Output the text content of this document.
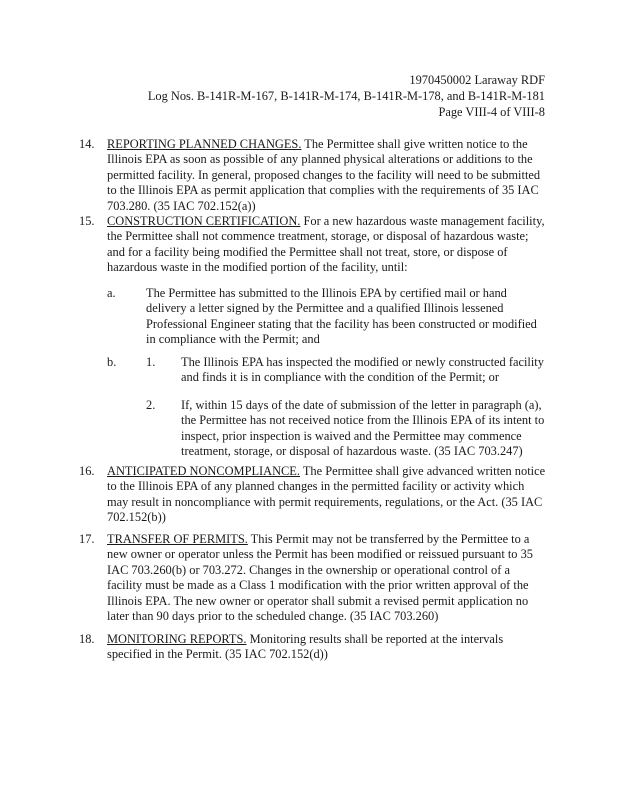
1970450002 Laraway RDF
Log Nos. B-141R-M-167, B-141R-M-174, B-141R-M-178, and B-141R-M-181
Page VIII-4 of VIII-8
14.	REPORTING PLANNED CHANGES. The Permittee shall give written notice to the Illinois EPA as soon as possible of any planned physical alterations or additions to the permitted facility. In general, proposed changes to the facility will need to be submitted to the Illinois EPA as permit application that complies with the requirements of 35 IAC 703.280. (35 IAC 702.152(a))

15.	CONSTRUCTION CERTIFICATION. For a new hazardous waste management facility, the Permittee shall not commence treatment, storage, or disposal of hazardous waste; and for a facility being modified the Permittee shall not treat, store, or dispose of hazardous waste in the modified portion of the facility, until:

a. The Permittee has submitted to the Illinois EPA by certified mail or hand delivery a letter signed by the Permittee and a qualified Illinois lessened Professional Engineer stating that the facility has been constructed or modified in compliance with the Permit; and
b. 1. The Illinois EPA has inspected the modified or newly constructed facility and finds it is in compliance with the condition of the Permit; or
2. If, within 15 days of the date of submission of the letter in paragraph (a), the Permittee has not received notice from the Illinois EPA of its intent to inspect, prior inspection is waived and the Permittee may commence treatment, storage, or disposal of hazardous waste. (35 IAC 703.247)
16.	ANTICIPATED NONCOMPLIANCE. The Permittee shall give advanced written notice to the Illinois EPA of any planned changes in the permitted facility or activity which may result in noncompliance with permit requirements, regulations, or the Act. (35 IAC 702.152(b))

17.	TRANSFER OF PERMITS. This Permit may not be transferred by the Permittee to a new owner or operator unless the Permit has been modified or reissued pursuant to 35 IAC 703.260(b) or 703.272. Changes in the ownership or operational control of a facility must be made as a Class 1 modification with the prior written approval of the Illinois EPA. The new owner or operator shall submit a revised permit application no later than 90 days prior to the scheduled change. (35 IAC 703.260)

18.	MONITORING REPORTS. Monitoring results shall be reported at the intervals specified in the Permit. (35 IAC 702.152(d))
